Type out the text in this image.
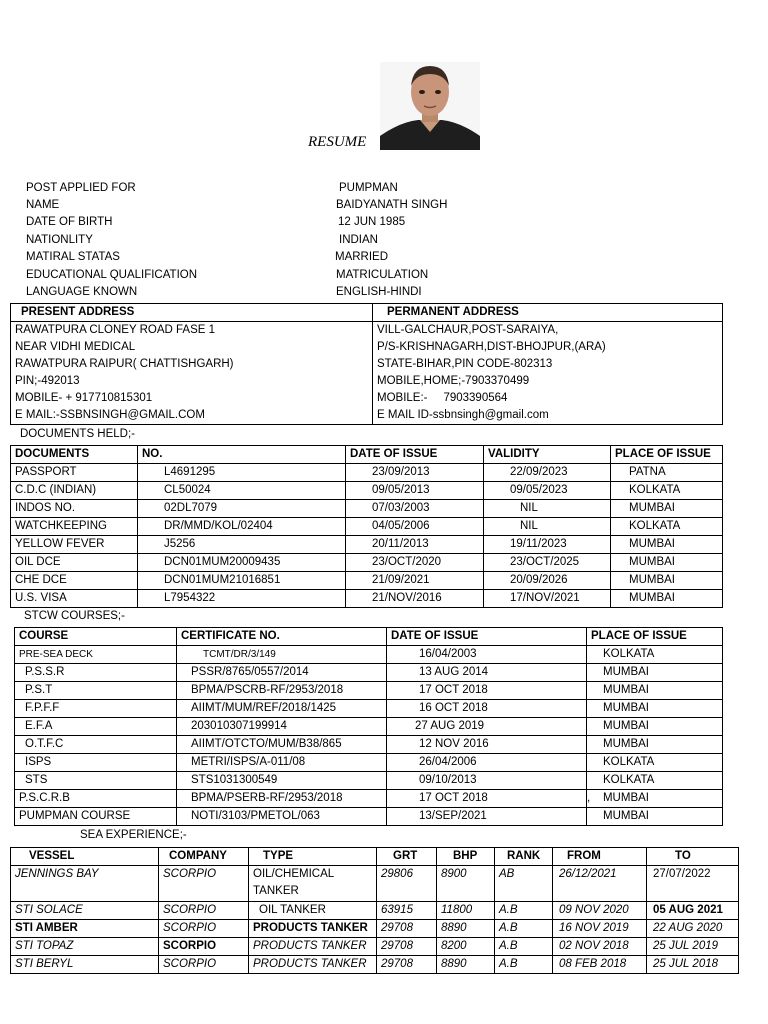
RESUME
POST APPLIED FOR	PUMPMAN
NAME	BAIDYANATH SINGH
DATE OF BIRTH	12 JUN 1985
NATIONLITY	INDIAN
MATIRAL STATAS	MARRIED
EDUCATIONAL QUALIFICATION	MATRICULATION
LANGUAGE KNOWN	ENGLISH-HINDI
PRESENT ADDRESS	PERMANENT ADDRESS
RAWATPURA CLONEY ROAD FASE 1	VILL-GALCHAUR,POST-SARAIYA,
NEAR VIDHI MEDICAL	P/S-KRISHNAGARH,DIST-BHOJPUR,(ARA)
RAWATPURA RAIPUR( CHATTISHGARH)	STATE-BIHAR,PIN CODE-802313
PIN;-492013	MOBILE,HOME;-7903370499
MOBILE- + 917710815301	MOBILE:-     7903390564
E MAIL:-SSBNSINGH@GMAIL.COM	E MAIL ID-ssbnsingh@gmail.com
DOCUMENTS HELD;-
DOCUMENTS	NO.	DATE OF ISSUE	VALIDITY	PLACE OF ISSUE
PASSPORT	L4691295	23/09/2013	22/09/2023	PATNA
C.D.C (INDIAN)	CL50024	09/05/2013	09/05/2023	KOLKATA
INDOS NO.	02DL7079	07/03/2003	NIL	MUMBAI
WATCHKEEPING	DR/MMD/KOL/02404	04/05/2006	NIL	KOLKATA
YELLOW FEVER	J5256	20/11/2013	19/11/2023	MUMBAI
OIL DCE	DCN01MUM20009435	23/OCT/2020	23/OCT/2025	MUMBAI
CHE DCE	DCN01MUM21016851	21/09/2021	20/09/2026	MUMBAI
U.S. VISA	L7954322	21/NOV/2016	17/NOV/2021	MUMBAI
STCW COURSES;-
COURSE	CERTIFICATE NO.	DATE OF ISSUE	PLACE OF ISSUE
PRE-SEA DECK	TCMT/DR/3/149	16/04/2003	KOLKATA
P.S.S.R	PSSR/8765/0557/2014	13 AUG 2014	MUMBAI
P.S.T	BPMA/PSCRB-RF/2953/2018	17 OCT 2018	MUMBAI
F.P.F.F	AIIMT/MUM/REF/2018/1425	16 OCT 2018	MUMBAI
E.F.A	203010307199914	27 AUG 2019	MUMBAI
O.T.F.C	AIIMT/OTCTO/MUM/B38/865	12 NOV 2016	MUMBAI
ISPS	METRI/ISPS/A-011/08	26/04/2006	KOLKATA
STS	STS1031300549	09/10/2013	KOLKATA
P.S.C.R.B	BPMA/PSERB-RF/2953/2018	17 OCT 2018	,    MUMBAI
PUMPMAN COURSE	NOTI/3103/PMETOL/063	13/SEP/2021	MUMBAI
SEA EXPERIENCE;-
VESSEL	COMPANY	TYPE	GRT	BHP	RANK	FROM	TO
JENNINGS BAY	SCORPIO	OIL/CHEMICAL TANKER	29806	8900	AB	26/12/2021	27/07/2022
STI SOLACE	SCORPIO	OIL TANKER	63915	11800	A.B	09 NOV 2020	05 AUG 2021
STI AMBER	SCORPIO	PRODUCTS TANKER	29708	8890	A.B	16 NOV 2019	22 AUG 2020
STI TOPAZ	SCORPIO	PRODUCTS TANKER	29708	8200	A.B	02 NOV 2018	25 JUL 2019
STI BERYL	SCORPIO	PRODUCTS TANKER	29708	8890	A.B	08 FEB 2018	25 JUL 2018
